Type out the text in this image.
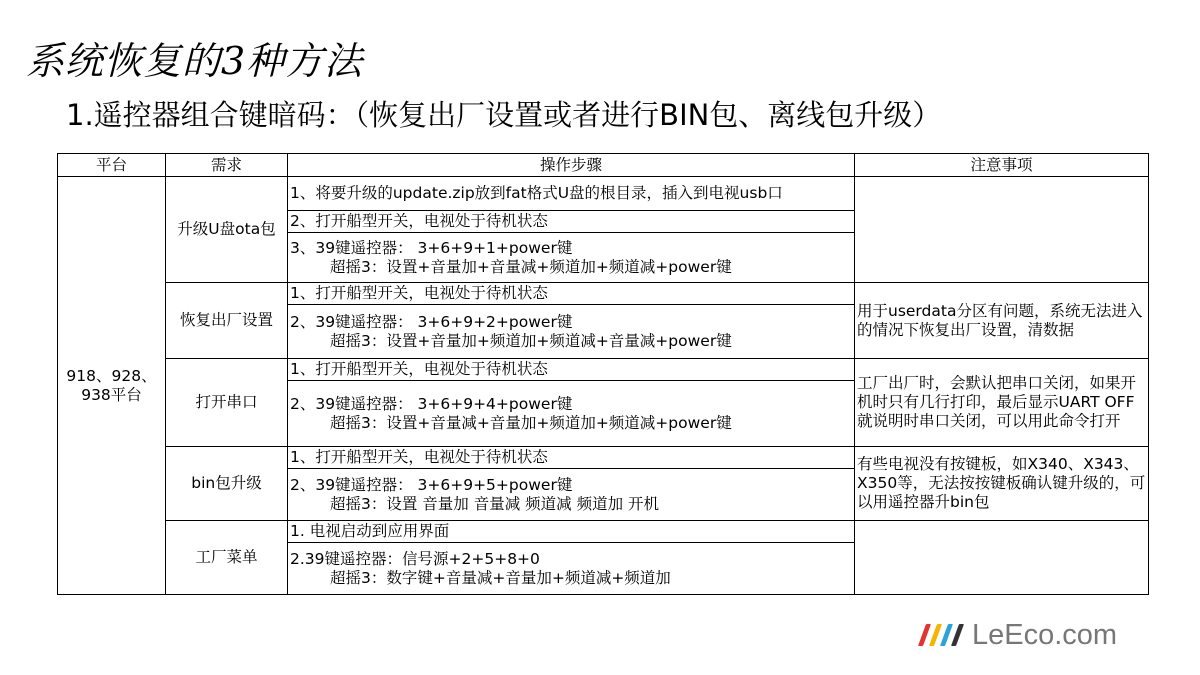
系统恢复的3种方法
1.遥控器组合键暗码：（恢复出厂设置或者进行BIN包、离线包升级）
平台	需求	操作步骤	注意事项
918、928、938平台	升级U盘ota包	1、将要升级的update.zip放到fat格式U盘的根目录，插入到电视usb口	
		2、打开船型开关，电视处于待机状态	

		3、39键遥控器： 3+6+9+1+power键
超摇3：设置+音量加+音量减+频道加+频道减+power键	

	恢复出厂设置	1、打开船型开关，电视处于待机状态	用于userdata分区有问题，系统无法进入的情况下恢复出厂设置，清数据

		2、39键遥控器： 3+6+9+2+power键
超摇3：设置+音量加+频道加+频道减+音量减+power键	

	打开串口	1、打开船型开关，电视处于待机状态	工厂出厂时，会默认把串口关闭，如果开机时只有几行打印，最后显示UART OFF就说明时串口关闭，可以用此命令打开

		2、39键遥控器： 3+6+9+4+power键
超摇3：设置+音量减+音量加+频道加+频道减+power键	

	bin包升级	1、打开船型开关，电视处于待机状态	有些电视没有按键板，如X340、X343、X350等，无法按按键板确认键升级的，可以用遥控器升bin包

		2、39键遥控器： 3+6+9+5+power键
超摇3：设置 音量加 音量减 频道减 频道加 开机	

	工厂菜单	1. 电视启动到应用界面	

		2.39键遥控器：信号源+2+5+8+0
超摇3：数字键+音量减+音量加+频道减+频道加	
LeEco.com
